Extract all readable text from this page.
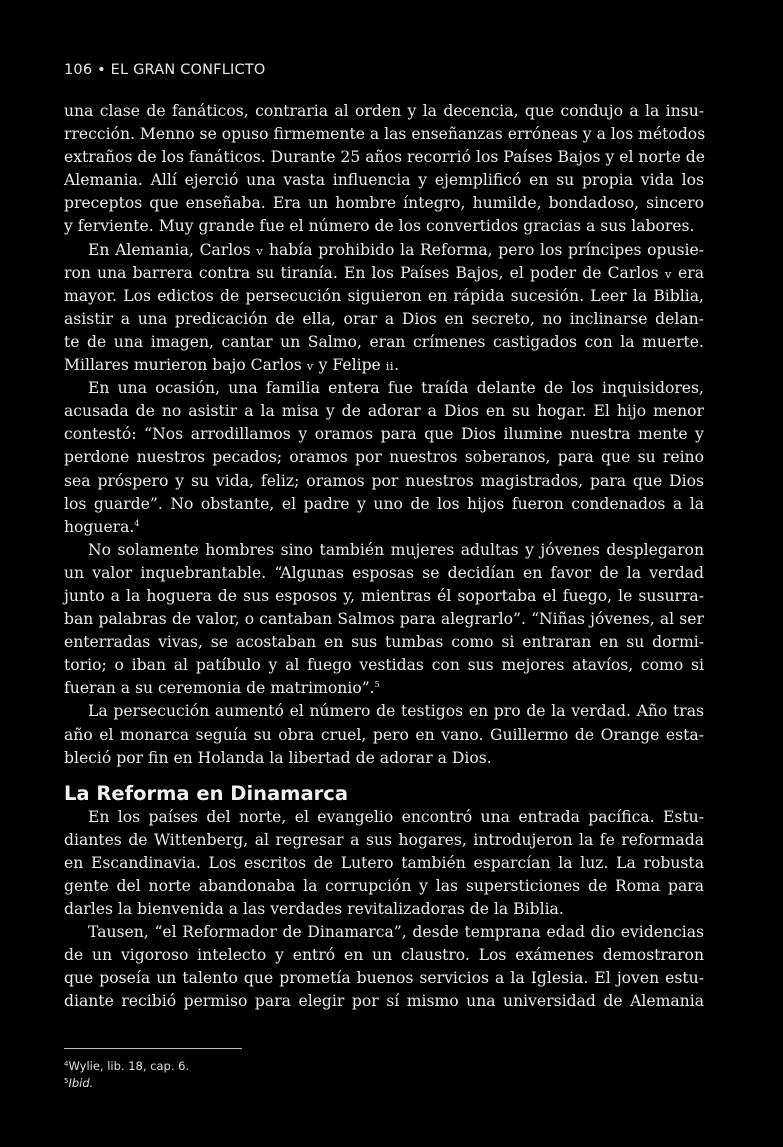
106 • EL GRAN CONFLICTO
una clase de fanáticos, contraria al orden y la decencia, que condujo a la insu-
rrección. Menno se opuso firmemente a las enseñanzas erróneas y a los métodos
extraños de los fanáticos. Durante 25 años recorrió los Países Bajos y el norte de
Alemania. Allí ejerció una vasta influencia y ejemplificó en su propia vida los
preceptos que enseñaba. Era un hombre íntegro, humilde, bondadoso, sincero
y ferviente. Muy grande fue el número de los convertidos gracias a sus labores.
En Alemania, Carlos v había prohibido la Reforma, pero los príncipes opusie-
ron una barrera contra su tiranía. En los Países Bajos, el poder de Carlos v era
mayor. Los edictos de persecución siguieron en rápida sucesión. Leer la Biblia,
asistir a una predicación de ella, orar a Dios en secreto, no inclinarse delan-
te de una imagen, cantar un Salmo, eran crímenes castigados con la muerte.
Millares murieron bajo Carlos v y Felipe ii.
En una ocasión, una familia entera fue traída delante de los inquisidores,
acusada de no asistir a la misa y de adorar a Dios en su hogar. El hijo menor
contestó: “Nos arrodillamos y oramos para que Dios ilumine nuestra mente y
perdone nuestros pecados; oramos por nuestros soberanos, para que su reino
sea próspero y su vida, feliz; oramos por nuestros magistrados, para que Dios
los guarde”. No obstante, el padre y uno de los hijos fueron condenados a la
hoguera.$^4$
No solamente hombres sino también mujeres adultas y jóvenes desplegaron
un valor inquebrantable. “Algunas esposas se decidían en favor de la verdad
junto a la hoguera de sus esposos y, mientras él soportaba el fuego, le susurra-
ban palabras de valor, o cantaban Salmos para alegrarlo”. “Niñas jóvenes, al ser
enterradas vivas, se acostaban en sus tumbas como si entraran en su dormi-
torio; o iban al patíbulo y al fuego vestidas con sus mejores atavíos, como si
fueran a su ceremonia de matrimonio”.$^5$
La persecución aumentó el número de testigos en pro de la verdad. Año tras
año el monarca seguía su obra cruel, pero en vano. Guillermo de Orange esta-
bleció por fin en Holanda la libertad de adorar a Dios.
La Reforma en Dinamarca
En los países del norte, el evangelio encontró una entrada pacífica. Estu-
diantes de Wittenberg, al regresar a sus hogares, introdujeron la fe reformada
en Escandinavia. Los escritos de Lutero también esparcían la luz. La robusta
gente del norte abandonaba la corrupción y las supersticiones de Roma para
darles la bienvenida a las verdades revitalizadoras de la Biblia.
Tausen, “el Reformador de Dinamarca”, desde temprana edad dio evidencias
de un vigoroso intelecto y entró en un claustro. Los exámenes demostraron
que poseía un talento que prometía buenos servicios a la Iglesia. El joven estu-
diante recibió permiso para elegir por sí mismo una universidad de Alemania
$^4$Wylie, lib. 18, cap. 6.
$^5$Ibid.
